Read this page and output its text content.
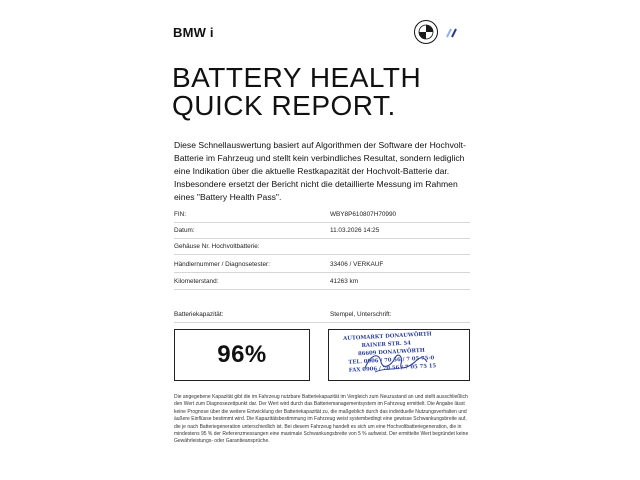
BMW i
BATTERY HEALTH
QUICK REPORT.
Diese Schnellauswertung basiert auf Algorithmen der Software der Hochvolt-Batterie im Fahrzeug und stellt kein verbindliches Resultat, sondern lediglich eine Indikation über die aktuelle Restkapazität der Hochvolt-Batterie dar. Insbesondere ersetzt der Bericht nicht die detaillierte Messung im Rahmen eines "Battery Health Pass".
FIN:	WBY8P610807H70990
Datum:	11.03.2026 14:25
Gehäuse Nr. Hochvoltbatterie:
Händlernummer / Diagnosetester:	33406 / VERKAUF
Kilometerstand:	41263 km
Batteriekapazität:	Stempel, Unterschrift:
96%
AUTOMARKT DONAUWÖRTH
RAINER STR. 54
86609 DONAUWÖRTH
TEL. 0906 / 70 56 / 7 05 75-0
FAX 0906 / 70 56 / 7 05 75 15
Die angegebene Kapazität gibt die im Fahrzeug nutzbare Batteriekapazität im Vergleich zum Neuzustand an und stellt ausschließlich den Wert zum Diagnosezeitpunkt dar. Der Wert wird durch das Batteriemanagementsystem im Fahrzeug ermittelt. Die Angabe lässt keine Prognose über die weitere Entwicklung der Batteriekapazität zu, die maßgeblich durch das individuelle Nutzungsverhalten und äußere Einflüsse bestimmt wird. Die Kapazitätsbestimmung im Fahrzeug weist systembedingt eine gewisse Schwankungsbreite auf, die je nach Batteriegeneration unterschiedlich ist. Bei diesem Fahrzeug handelt es sich um eine Hochvoltbatteriegeneration, die in mindestens 95 % der Referenzmessungen eine maximale Schwankungsbreite von 5 % aufweist. Der ermittelte Wert begründet keine Gewährleistungs- oder Garantieansprüche.
